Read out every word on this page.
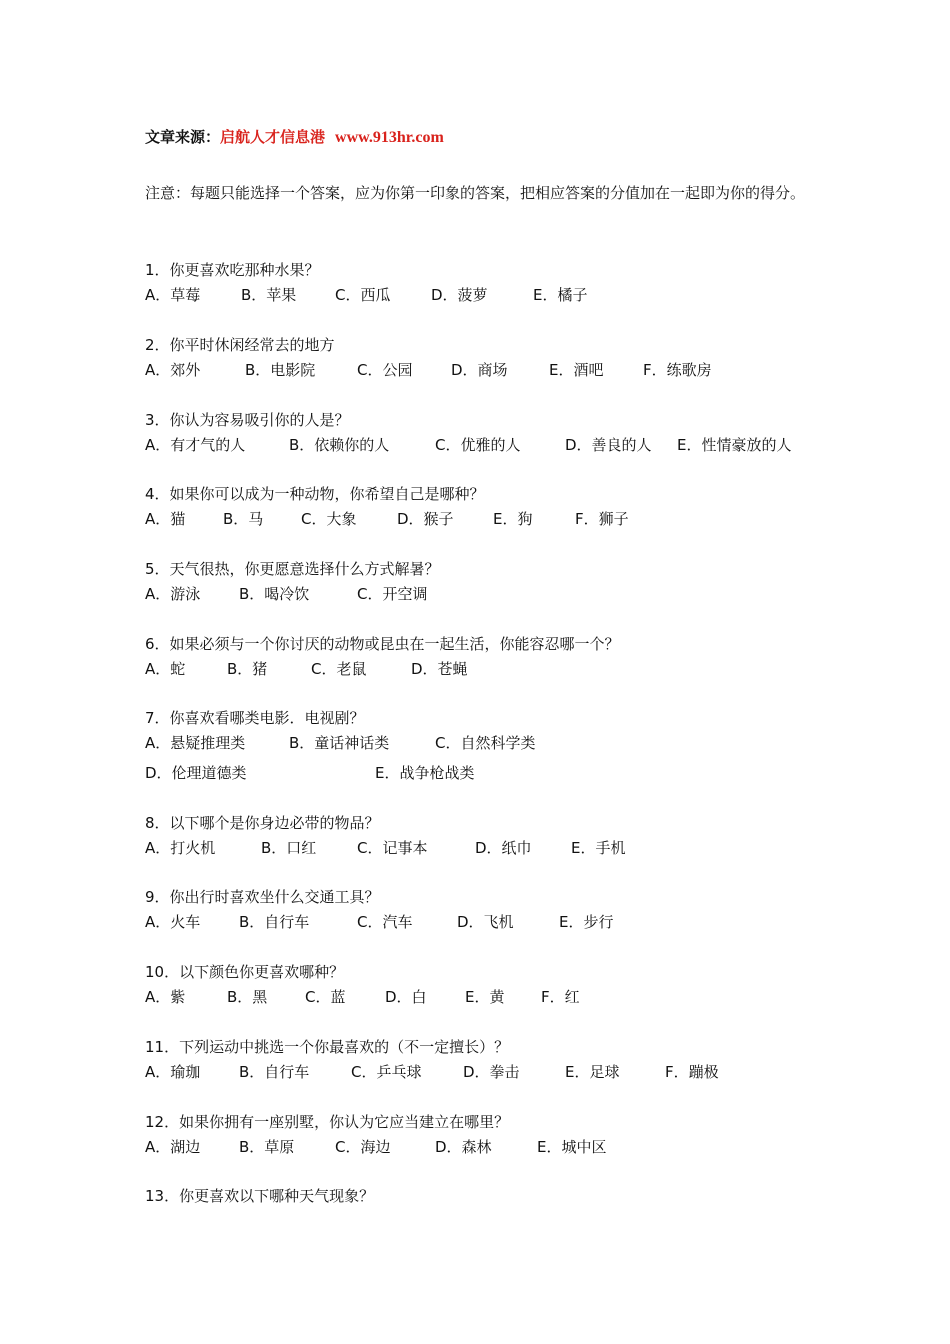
文章来源：启航人才信息港 www.913hr.com
注意：每题只能选择一个答案，应为你第一印象的答案，把相应答案的分值加在一起即为你的得分。
1．你更喜欢吃那种水果？
A．草莓	B．苹果	C．西瓜	D．菠萝	E．橘子
2．你平时休闲经常去的地方
A．郊外	B．电影院	C．公园	D．商场	E．酒吧	F．练歌房
3．你认为容易吸引你的人是？
A．有才气的人	B．依赖你的人	C．优雅的人	D．善良的人 E．性情豪放的人
4．如果你可以成为一种动物，你希望自己是哪种？
A．猫	B．马	C．大象	D．猴子	E．狗	F．狮子
5．天气很热，你更愿意选择什么方式解暑？
A．游泳	B．喝冷饮	C．开空调
6．如果必须与一个你讨厌的动物或昆虫在一起生活，你能容忍哪一个？
A．蛇	B．猪	C．老鼠	D．苍蝇
7．你喜欢看哪类电影．电视剧？
A．悬疑推理类	B．童话神话类	C．自然科学类
D．伦理道德类	E．战争枪战类
8．以下哪个是你身边必带的物品？
A．打火机	B．口红	C．记事本	D．纸巾	E．手机
9．你出行时喜欢坐什么交通工具？
A．火车	B．自行车	C．汽车	D．飞机	E．步行
10．以下颜色你更喜欢哪种？
A．紫	B．黑	C．蓝	D．白	E．黄 F．红
11．下列运动中挑选一个你最喜欢的（不一定擅长）？
A．瑜珈	B．自行车	C．乒乓球	D．拳击	E．足球	F．蹦极
12．如果你拥有一座别墅，你认为它应当建立在哪里？
A．湖边	B．草原	C．海边	D．森林	E．城中区
13．你更喜欢以下哪种天气现象？
